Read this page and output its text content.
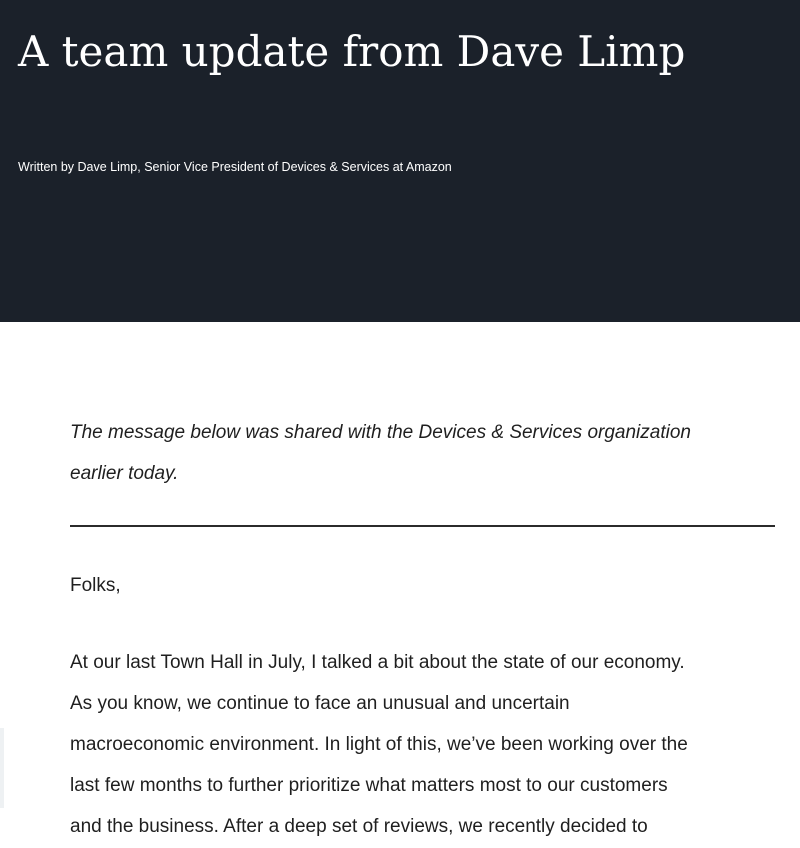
A team update from Dave Limp

Written by Dave Limp, Senior Vice President of Devices & Services at Amazon

The message below was shared with the Devices & Services organization
earlier today.

Folks,

At our last Town Hall in July, I talked a bit about the state of our economy.
As you know, we continue to face an unusual and uncertain
macroeconomic environment. In light of this, we’ve been working over the
last few months to further prioritize what matters most to our customers
and the business. After a deep set of reviews, we recently decided to
